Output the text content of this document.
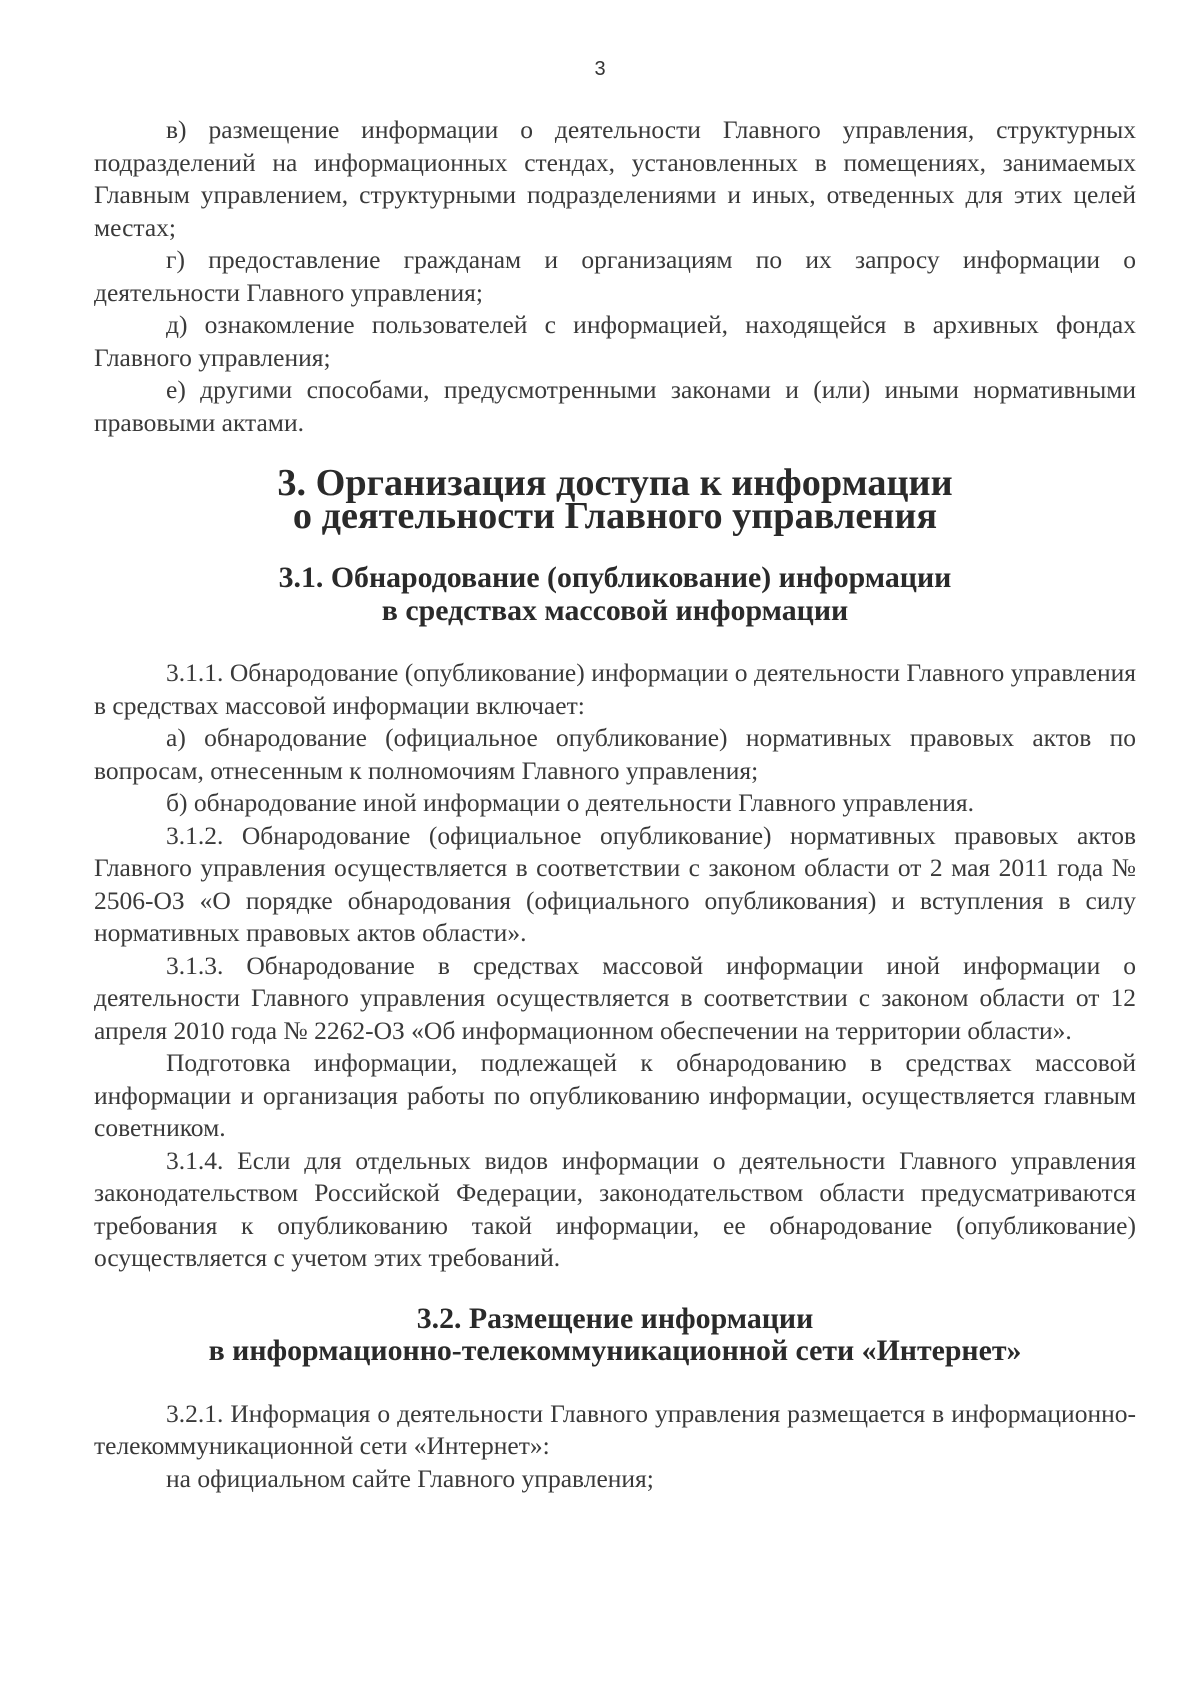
3

в) размещение информации о деятельности Главного управления, структурных подразделений на информационных стендах, установленных в помещениях, занимаемых Главным управлением, структурными подразделениями и иных, отведенных для этих целей местах;

г) предоставление гражданам и организациям по их запросу информации о деятельности Главного управления;

д) ознакомление пользователей с информацией, находящейся в архивных фондах Главного управления;

е) другими способами, предусмотренными законами и (или) иными нормативными правовыми актами.

3. Организация доступа к информации
о деятельности Главного управления
3.1. Обнародование (опубликование) информации
в средствах массовой информации

3.1.1. Обнародование (опубликование) информации о деятельности Главного управления в средствах массовой информации включает:

а) обнародование (официальное опубликование) нормативных правовых актов по вопросам, отнесенным к полномочиям Главного управления;

б) обнародование иной информации о деятельности Главного управления.

3.1.2. Обнародование (официальное опубликование) нормативных правовых актов Главного управления осуществляется в соответствии с законом области от 2 мая 2011 года № 2506-ОЗ «О порядке обнародования (официального опубликования) и вступления в силу нормативных правовых актов области».

3.1.3. Обнародование в средствах массовой информации иной информации о деятельности Главного управления осуществляется в соответствии с законом области от 12 апреля 2010 года № 2262-ОЗ «Об информационном обеспечении на территории области».

Подготовка информации, подлежащей к обнародованию в средствах массовой информации и организация работы по опубликованию информации, осуществляется главным советником.

3.1.4. Если для отдельных видов информации о деятельности Главного управления законодательством Российской Федерации, законодательством области предусматриваются требования к опубликованию такой информации, ее обнародование (опубликование) осуществляется с учетом этих требований.

3.2. Размещение информации
в информационно-телекоммуникационной сети «Интернет»

3.2.1. Информация о деятельности Главного управления размещается в информационно-телекоммуникационной сети «Интернет»:

на официальном сайте Главного управления;
